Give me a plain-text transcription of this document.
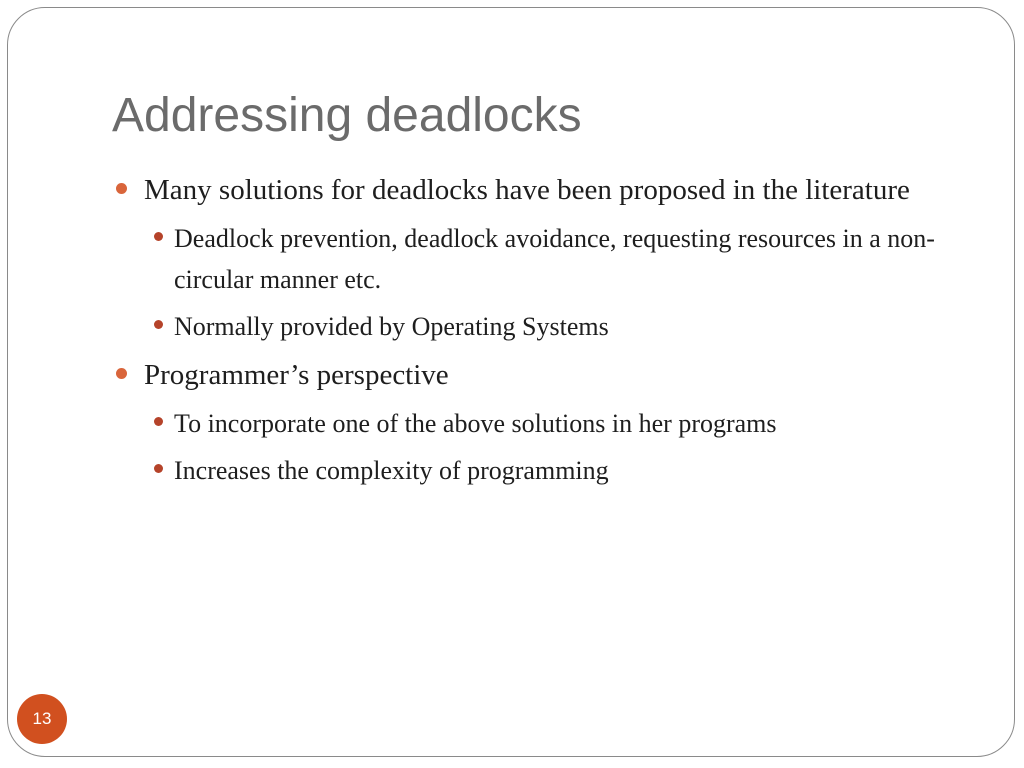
Addressing deadlocks
Many solutions for deadlocks have been proposed in the literature
Deadlock prevention, deadlock avoidance, requesting resources in a non-circular manner etc.
Normally provided by Operating Systems
Programmer’s perspective
To incorporate one of the above solutions in her programs
Increases the complexity of programming
13
